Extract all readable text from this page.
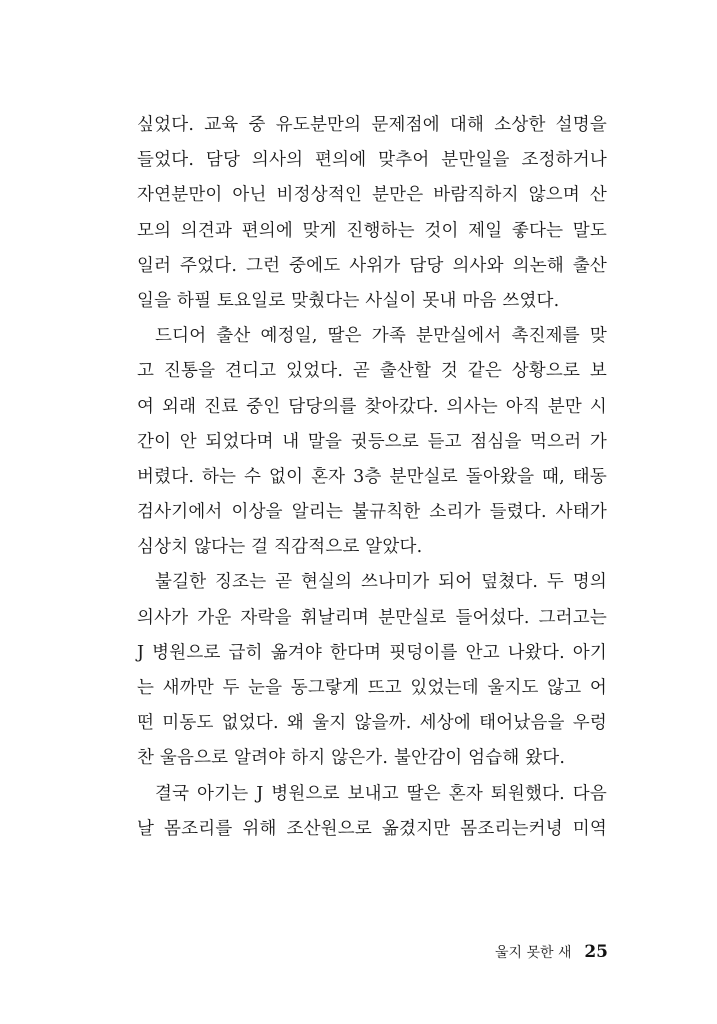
싶었다. 교육 중 유도분만의 문제점에 대해 소상한 설명을
들었다. 담당 의사의 편의에 맞추어 분만일을 조정하거나
자연분만이 아닌 비정상적인 분만은 바람직하지 않으며 산
모의 의견과 편의에 맞게 진행하는 것이 제일 좋다는 말도
일러 주었다. 그런 중에도 사위가 담당 의사와 의논해 출산
일을 하필 토요일로 맞췄다는 사실이 못내 마음 쓰였다.
드디어 출산 예정일, 딸은 가족 분만실에서 촉진제를 맞
고 진통을 견디고 있었다. 곧 출산할 것 같은 상황으로 보
여 외래 진료 중인 담당의를 찾아갔다. 의사는 아직 분만 시
간이 안 되었다며 내 말을 귓등으로 듣고 점심을 먹으러 가
버렸다. 하는 수 없이 혼자 3층 분만실로 돌아왔을 때, 태동
검사기에서 이상을 알리는 불규칙한 소리가 들렸다. 사태가
심상치 않다는 걸 직감적으로 알았다.
불길한 징조는 곧 현실의 쓰나미가 되어 덮쳤다. 두 명의
의사가 가운 자락을 휘날리며 분만실로 들어섰다. 그러고는
J 병원으로 급히 옮겨야 한다며 핏덩이를 안고 나왔다. 아기
는 새까만 두 눈을 동그랗게 뜨고 있었는데 울지도 않고 어
떤 미동도 없었다. 왜 울지 않을까. 세상에 태어났음을 우렁
찬 울음으로 알려야 하지 않은가. 불안감이 엄습해 왔다.
결국 아기는 J 병원으로 보내고 딸은 혼자 퇴원했다. 다음
날 몸조리를 위해 조산원으로 옮겼지만 몸조리는커녕 미역
울지 못한 새 25
